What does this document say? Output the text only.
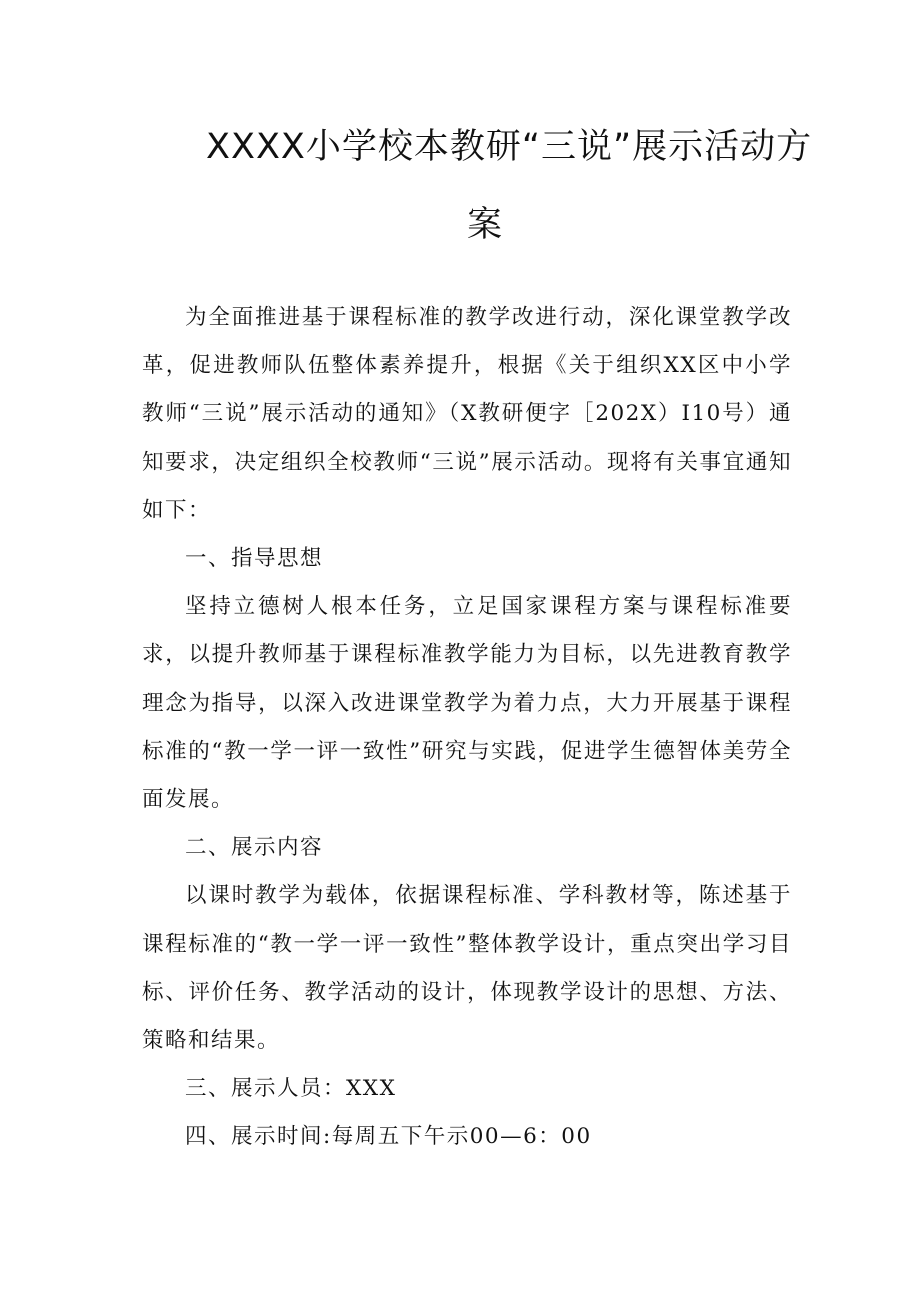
XXXX小学校本教研“三说”展示活动方
案

为全面推进基于课程标准的教学改进行动，深化课堂教学改革，促进教师队伍整体素养提升，根据《关于组织XX区中小学教师“三说”展示活动的通知》（X教研便字［202X）I10号）通知要求，决定组织全校教师“三说”展示活动。现将有关事宜通知如下：

一、指导思想

坚持立德树人根本任务，立足国家课程方案与课程标准要求，以提升教师基于课程标准教学能力为目标，以先进教育教学理念为指导，以深入改进课堂教学为着力点，大力开展基于课程标准的“教一学一评一致性”研究与实践，促进学生德智体美劳全面发展。

二、展示内容

以课时教学为载体，依据课程标准、学科教材等，陈述基于课程标准的“教一学一评一致性”整体教学设计，重点突出学习目标、评价任务、教学活动的设计，体现教学设计的思想、方法、策略和结果。

三、展示人员：XXX

四、展示时间:每周五下午示00—6：00
